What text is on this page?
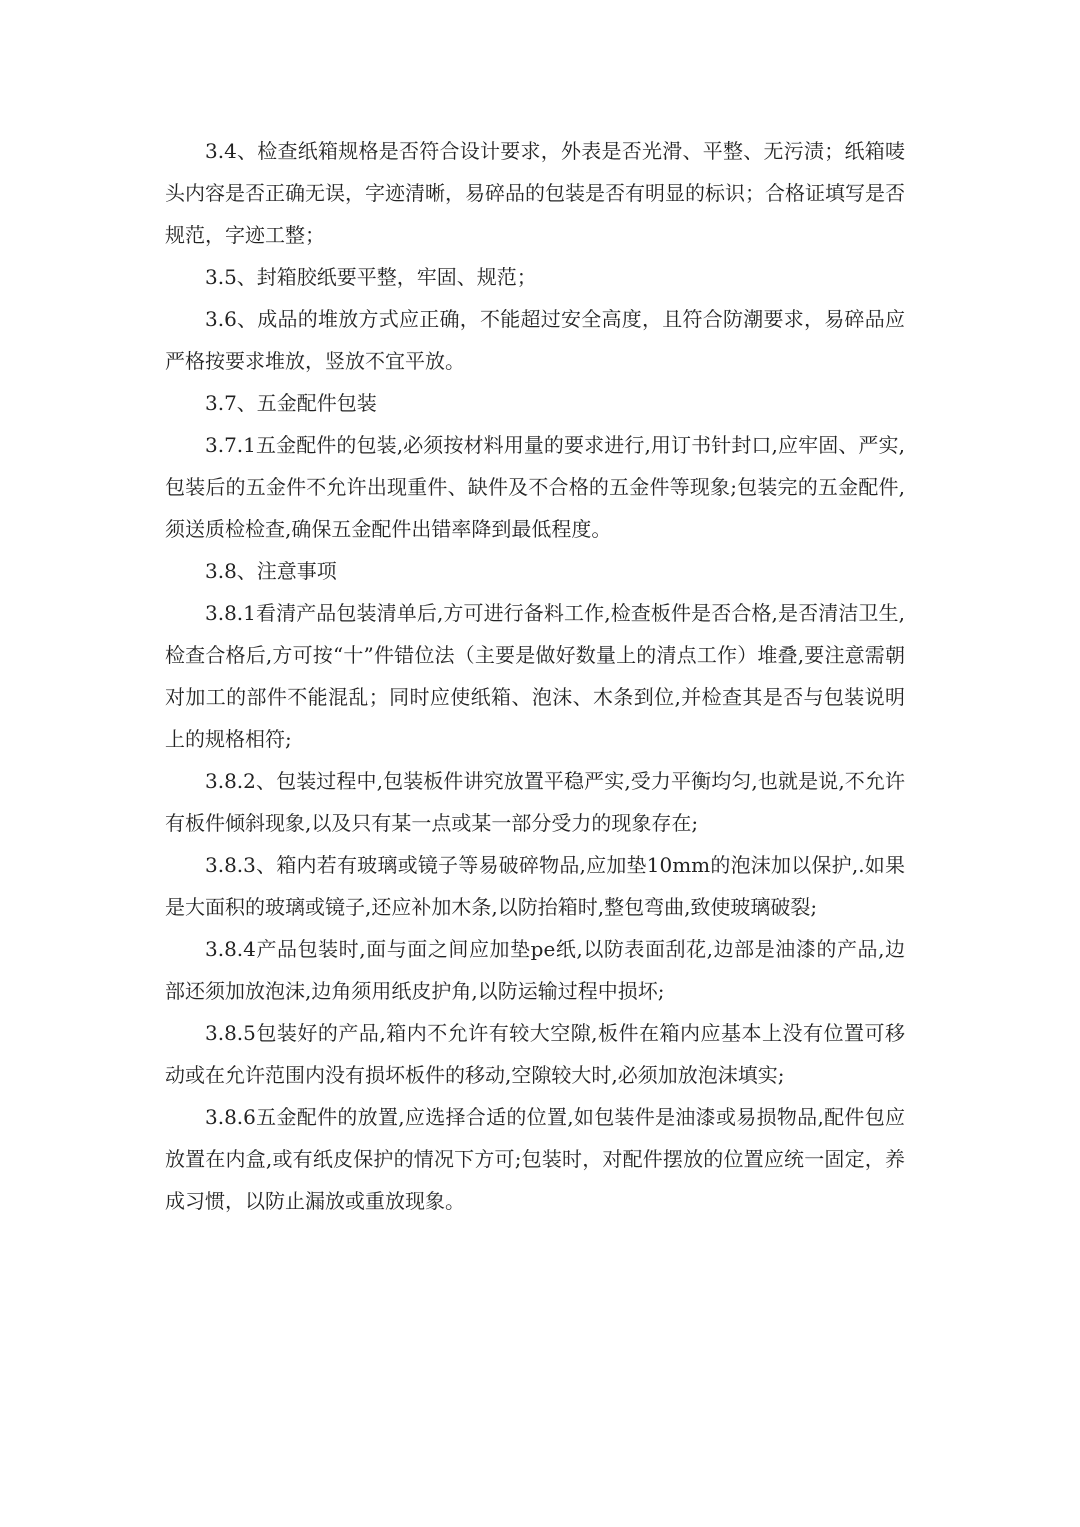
3.4、检查纸箱规格是否符合设计要求，外表是否光滑、平整、无污渍；纸箱唛头内容是否正确无误，字迹清晰，易碎品的包装是否有明显的标识；合格证填写是否规范，字迹工整；

3.5、封箱胶纸要平整，牢固、规范；

3.6、成品的堆放方式应正确，不能超过安全高度，且符合防潮要求，易碎品应严格按要求堆放，竖放不宜平放。

3.7、五金配件包装

3.7.1五金配件的包装,必须按材料用量的要求进行,用订书针封口,应牢固、严实,包装后的五金件不允许出现重件、缺件及不合格的五金件等现象;包装完的五金配件,须送质检检查,确保五金配件出错率降到最低程度。

3.8、注意事项

3.8.1看清产品包装清单后,方可进行备料工作,检查板件是否合格,是否清洁卫生,检查合格后,方可按“十”件错位法（主要是做好数量上的清点工作）堆叠,要注意需朝对加工的部件不能混乱；同时应使纸箱、泡沫、木条到位,并检查其是否与包装说明上的规格相符;

3.8.2、包装过程中,包装板件讲究放置平稳严实,受力平衡均匀,也就是说,不允许有板件倾斜现象,以及只有某一点或某一部分受力的现象存在;

3.8.3、箱内若有玻璃或镜子等易破碎物品,应加垫10mm的泡沫加以保护,.如果是大面积的玻璃或镜子,还应补加木条,以防抬箱时,整包弯曲,致使玻璃破裂;

3.8.4产品包装时,面与面之间应加垫pe纸,以防表面刮花,边部是油漆的产品,边部还须加放泡沫,边角须用纸皮护角,以防运输过程中损坏;

3.8.5包装好的产品,箱内不允许有较大空隙,板件在箱内应基本上没有位置可移动或在允许范围内没有损坏板件的移动,空隙较大时,必须加放泡沫填实;

3.8.6五金配件的放置,应选择合适的位置,如包装件是油漆或易损物品,配件包应放置在内盒,或有纸皮保护的情况下方可;包装时，对配件摆放的位置应统一固定，养成习惯，以防止漏放或重放现象。
